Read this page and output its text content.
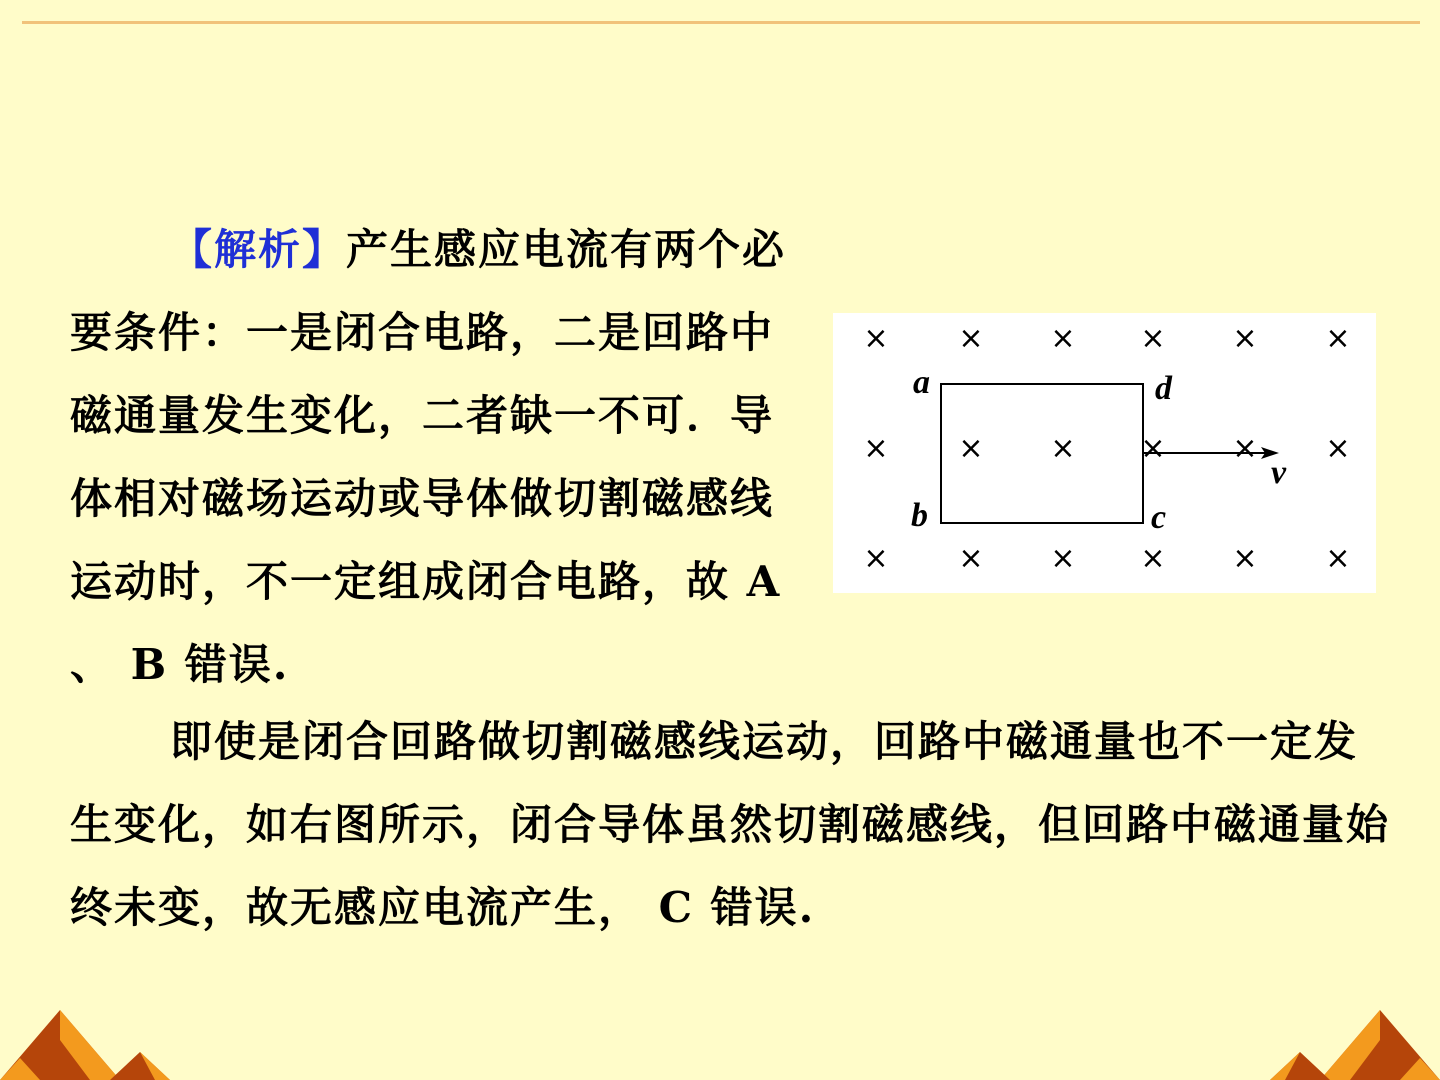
【解析】产生感应电流有两个必要条件：一是闭合电路，二是回路中磁通量发生变化，二者缺一不可．导体相对磁场运动或导体做切割磁感线运动时，不一定组成闭合电路，故 A 、 B 错误.

× × × × × ×
× × × × × ×
× × × × × ×
a	d
b	c
v

即使是闭合回路做切割磁感线运动，回路中磁通量也不一定发生变化，如右图所示，闭合导体虽然切割磁感线，但回路中磁通量始终未变，故无感应电流产生， C 错误.
